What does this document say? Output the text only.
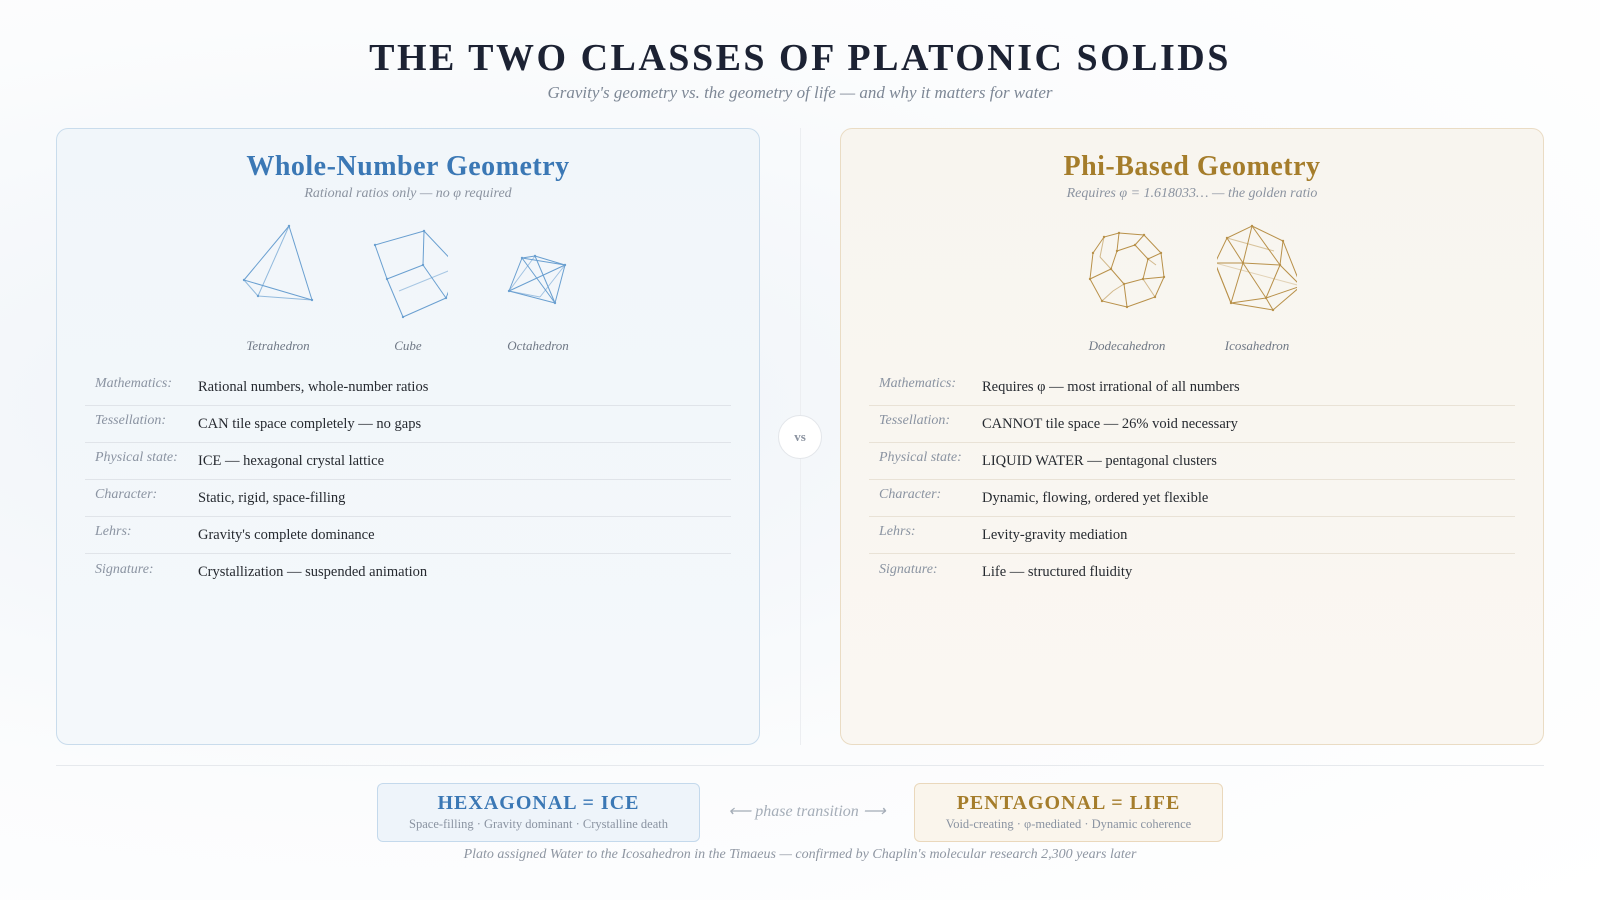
THE TWO CLASSES OF PLATONIC SOLIDS
Gravity's geometry vs. the geometry of life — and why it matters for water
Whole-Number Geometry
Rational ratios only — no φ required
Tetrahedron	Cube	Octahedron
Mathematics:	Rational numbers, whole-number ratios
Tessellation:	CAN tile space completely — no gaps
Physical state:	ICE — hexagonal crystal lattice
Character:	Static, rigid, space-filling
Lehrs:	Gravity's complete dominance
Signature:	Crystallization — suspended animation
vs
Phi-Based Geometry
Requires φ = 1.618033… — the golden ratio
Dodecahedron	Icosahedron
Mathematics:	Requires φ — most irrational of all numbers
Tessellation:	CANNOT tile space — 26% void necessary
Physical state:	LIQUID WATER — pentagonal clusters
Character:	Dynamic, flowing, ordered yet flexible
Lehrs:	Levity-gravity mediation
Signature:	Life — structured fluidity
HEXAGONAL = ICE
Space-filling · Gravity dominant · Crystalline death
⟵ phase transition ⟶	PENTAGONAL = LIFE
Void-creating · φ-mediated · Dynamic coherence
Plato assigned Water to the Icosahedron in the Timaeus — confirmed by Chaplin's molecular research 2,300 years later
